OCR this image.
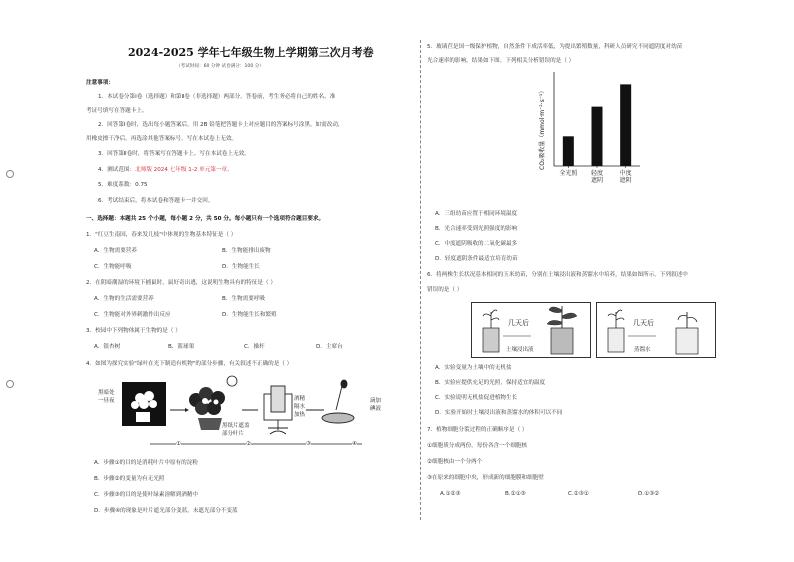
2024-2025 学年七年级生物上学期第三次月考卷
（考试时间：60 分钟 试卷满分：100 分）
注意事项：
1．本试卷分第Ⅰ卷（选择题）和第Ⅱ卷（非选择题）两部分。答卷前，考生务必将自己的姓名、准
考证号填写在答题卡上。
2．回答第Ⅰ卷时，选出每小题答案后，用 2B 铅笔把答题卡上对应题目的答案标号涂黑。如需改动，
用橡皮擦干净后，再选涂其他答案标号。写在本试卷上无效。
3．回答第Ⅱ卷时，将答案写在答题卡上。写在本试卷上无效。
4．测试范围：北师版 2024 七年级 1-2 单元第一章。
5．难度系数：0.75
6．考试结束后，将本试卷和答题卡一并交回。
一、选择题：本题共 25 个小题，每小题 2 分，共 50 分。每小题只有一个选项符合题目要求。
1．"红豆生南国，春来发几枝"中体现的生物基本特征是（ ）
A．生物需要营养	B．生物能排出废物
C．生物能呼吸	D．生物能生长
2．在阴暗潮湿的环境下捕鼠时，鼠好奇出逃，这说明生物具有的特征是（ ）
A．生物的生活需要营养	B．生物需要呼吸
C．生物能对外界刺激作出反应	D．生物能生长和繁殖
3．校园中下列物体属于生物的是（ ）
A．银杏树	B．篮球架	C．操杆	D．主席台
4．如图为探究实验"绿叶在光下制造有机物"的部分步骤，有关叙述不正确的是（ ）
黑暗处
一昼夜
黑纸片遮盖
部分叶片
酒精
隔水
加热
滴加
碘液
①	②	③	④
A．步骤①的目的是消耗叶片中原有的淀粉
B．步骤②的变量为有无光照
C．步骤③的目的是使叶绿素溶解到酒精中
D．步骤④的现象是叶片遮光部分变蓝，未遮光部分不变蓝
5．玻璃苣是国一级保护植物，自然条件下成活率低，为提出繁殖数量，科研人员研究不同遮阴度对幼苗
光合速率的影响，结果如下图。下列相关分析错误的是（ ）
CO₂吸收量（mmol·m⁻²·s⁻¹）
全光照 轻度
遮阴
中度
遮阴
A．三组幼苗应置于相同环境温度
B．光合速率受到光照强度的影响
C．中度遮阴吸收的二氧化碳最多
D．轻度遮阴条件最适宜培育幼苗
6．将两株生长状况基本相同的玉米幼苗，分别在土壤浸出液和蒸馏水中培养，结果如图所示。下列叙述中
错误的是（ ）
几天后
土壤浸出液
几天后
蒸馏水
A．实验变量为土壤中的无机盐
B．实验应提供充足的光照，保持适宜的温度
C．实验说明无机盐促进植物生长
D．实验开始时土壤浸出液和蒸馏水的体积可以不同
7．植物细胞分裂过程的正确顺序是（ ）
①细胞质分成两份，每份各含一个细胞核
②细胞核由一个分两个
③在原来的细胞中央，形成新的细胞膜和细胞壁
A.①②③	B.②①③	C.②③①	D.①③②
